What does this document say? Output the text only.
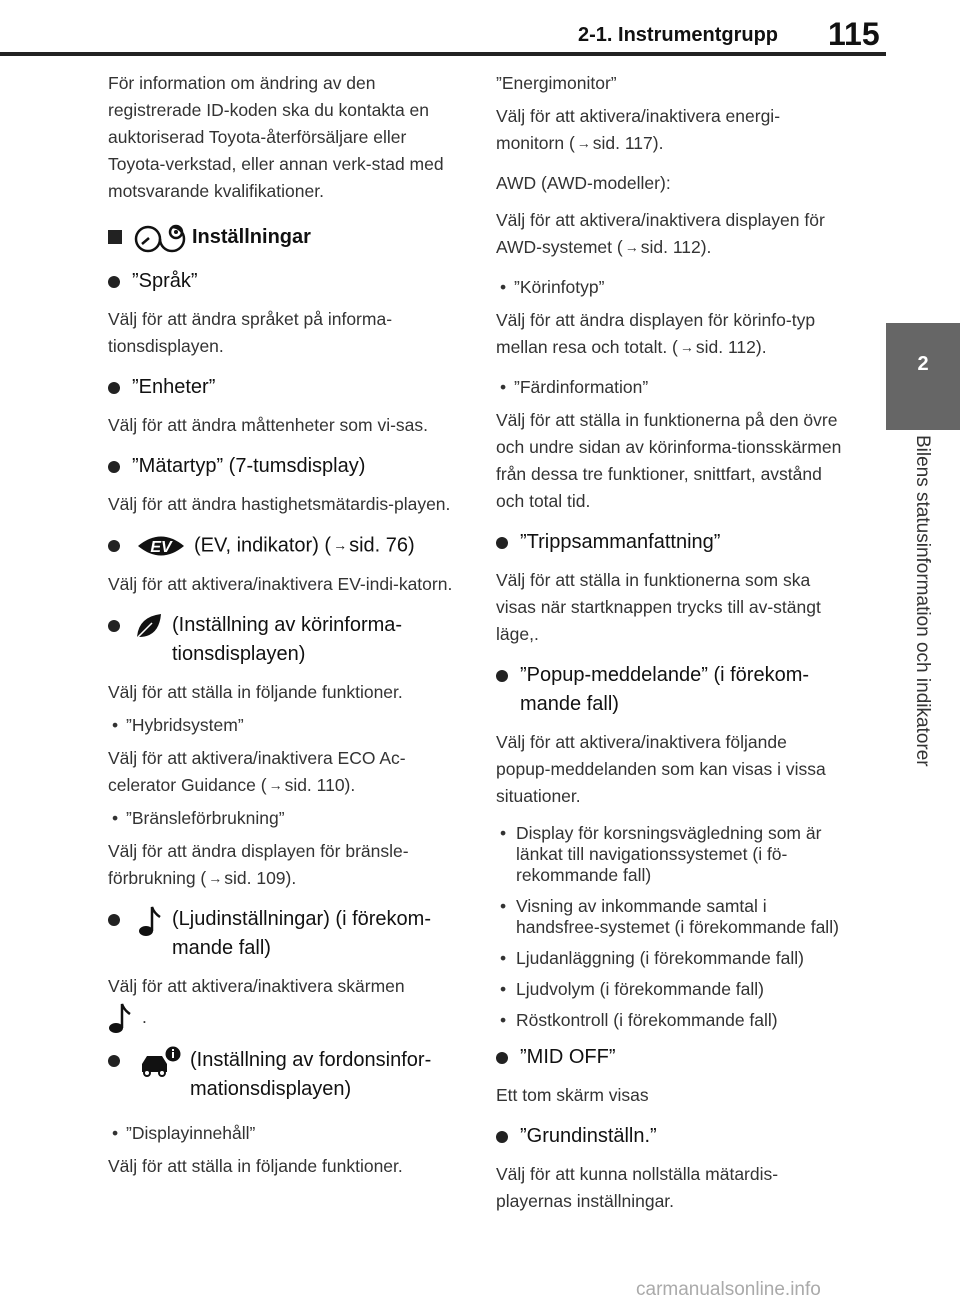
2-1. Instrumentgrupp 115
2
Bilens statusinformation och indikatorer

För information om ändring av den registrerade ID-koden ska du kontakta en auktoriserad Toyota-återförsäljare eller Toyota-verkstad, eller annan verk-stad med motsvarande kvalifikationer.

Inställningar
”Språk”

Välj för att ändra språket på informa-tionsdisplayen.

”Enheter”

Välj för att ändra måttenheter som vi-sas.

”Mätartyp” (7-tumsdisplay)

Välj för att ändra hastighetsmätardis-playen.

EV (EV, indikator) ( → sid. 76)

Välj för att aktivera/inaktivera EV-indi-katorn.

(Inställning av körinforma-tionsdisplayen)

Välj för att ställa in följande funktioner.

• ”Hybridsystem”

Välj för att aktivera/inaktivera ECO Ac-celerator Guidance ( → sid. 110).

• ”Bränsleförbrukning”

Välj för att ändra displayen för bränsle-förbrukning ( → sid. 109).

(Ljudinställningar) (i förekom-mande fall)

Välj för att aktivera/inaktivera skärmen

.

(Inställning av fordonsinfor-mationsdisplayen)
• ”Displayinnehåll”

Välj för att ställa in följande funktioner.

”Energimonitor”

Välj för att aktivera/inaktivera energi-monitorn ( → sid. 117).

AWD (AWD-modeller):

Välj för att aktivera/inaktivera displayen för AWD-systemet ( → sid. 112).

• ”Körinfotyp”

Välj för att ändra displayen för körinfo-typ mellan resa och totalt. ( → sid. 112).

• ”Färdinformation”

Välj för att ställa in funktionerna på den övre och undre sidan av körinforma-tionsskärmen från dessa tre funktioner, snittfart, avstånd och total tid.

”Trippsammanfattning”

Välj för att ställa in funktionerna som ska visas när startknappen trycks till av-stängt läge,.

”Popup-meddelande” (i förekom-mande fall)

Välj för att aktivera/inaktivera följande popup-meddelanden som kan visas i vissa situationer.

• Display för korsningsvägledning som är länkat till navigationssystemet (i fö-rekommande fall)
• Visning av inkommande samtal i handsfree-systemet (i förekommande fall)
• Ljudanläggning (i förekommande fall)
• Ljudvolym (i förekommande fall)
• Röstkontroll (i förekommande fall)
”MID OFF”

Ett tom skärm visas

”Grundinställn.”

Välj för att kunna nollställa mätardis-playernas inställningar.

carmanualsonline.info
